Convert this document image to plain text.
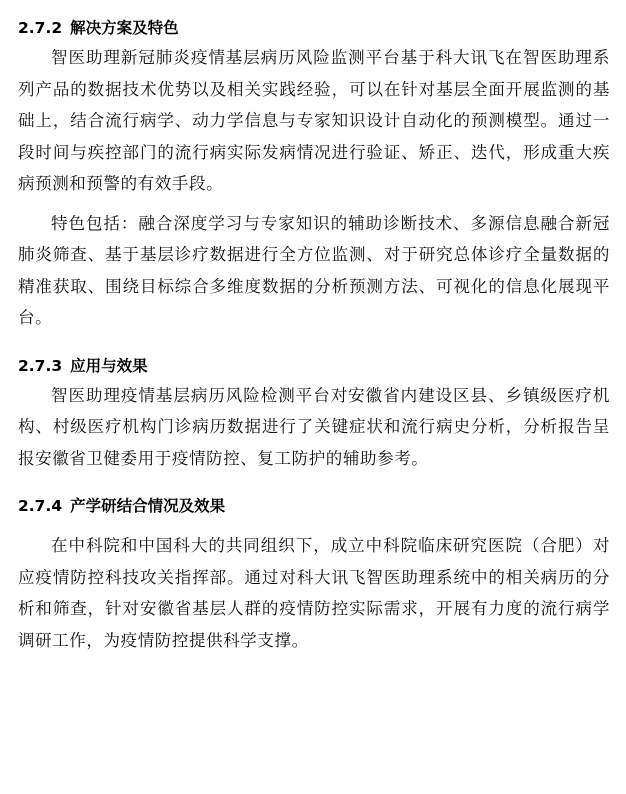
2.7.2 解决方案及特色

智医助理新冠肺炎疫情基层病历风险监测平台基于科大讯飞在智医助理系列产品的数据技术优势以及相关实践经验，可以在针对基层全面开展监测的基础上，结合流行病学、动力学信息与专家知识设计自动化的预测模型。通过一段时间与疾控部门的流行病实际发病情况进行验证、矫正、迭代，形成重大疾病预测和预警的有效手段。

特色包括：融合深度学习与专家知识的辅助诊断技术、多源信息融合新冠肺炎筛查、基于基层诊疗数据进行全方位监测、对于研究总体诊疗全量数据的精准获取、围绕目标综合多维度数据的分析预测方法、可视化的信息化展现平台。

2.7.3 应用与效果

智医助理疫情基层病历风险检测平台对安徽省内建设区县、乡镇级医疗机构、村级医疗机构门诊病历数据进行了关键症状和流行病史分析，分析报告呈报安徽省卫健委用于疫情防控、复工防护的辅助参考。

2.7.4 产学研结合情况及效果

在中科院和中国科大的共同组织下，成立中科院临床研究医院（合肥）对应疫情防控科技攻关指挥部。通过对科大讯飞智医助理系统中的相关病历的分析和筛查，针对安徽省基层人群的疫情防控实际需求，开展有力度的流行病学调研工作，为疫情防控提供科学支撑。
